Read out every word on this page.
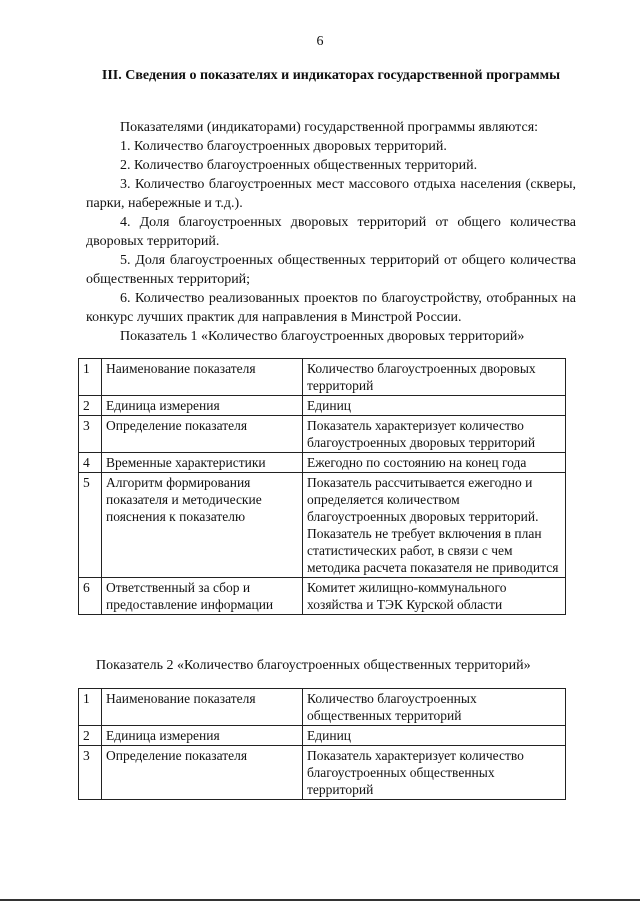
6
III. Сведения о показателях и индикаторах государственной программы

Показателями (индикаторами) государственной программы являются:

1. Количество благоустроенных дворовых территорий.

2. Количество благоустроенных общественных территорий.

3. Количество благоустроенных мест массового отдыха населения (скверы, парки, набережные и т.д.).

4. Доля благоустроенных дворовых территорий от общего количества дворовых территорий.

5. Доля благоустроенных общественных территорий от общего количества общественных территорий;

6. Количество реализованных проектов по благоустройству, отобранных на конкурс лучших практик для направления в Минстрой России.

Показатель 1 «Количество благоустроенных дворовых территорий»
1	Наименование показателя	Количество благоустроенных дворовых территорий
2	Единица измерения	Единиц
3	Определение показателя	Показатель характеризует количество благоустроенных дворовых территорий
4	Временные характеристики	Ежегодно по состоянию на конец года
5	Алгоритм формирования показателя и методические пояснения к показателю	Показатель рассчитывается ежегодно и определяется количеством благоустроенных дворовых территорий. Показатель не требует включения в план статистических работ, в связи с чем методика расчета показателя не приводится
6	Ответственный за сбор и предоставление информации	Комитет жилищно-коммунального хозяйства и ТЭК Курской области
Показатель 2 «Количество благоустроенных общественных территорий»
1	Наименование показателя	Количество благоустроенных общественных территорий
2	Единица измерения	Единиц
3	Определение показателя	Показатель характеризует количество благоустроенных общественных территорий
